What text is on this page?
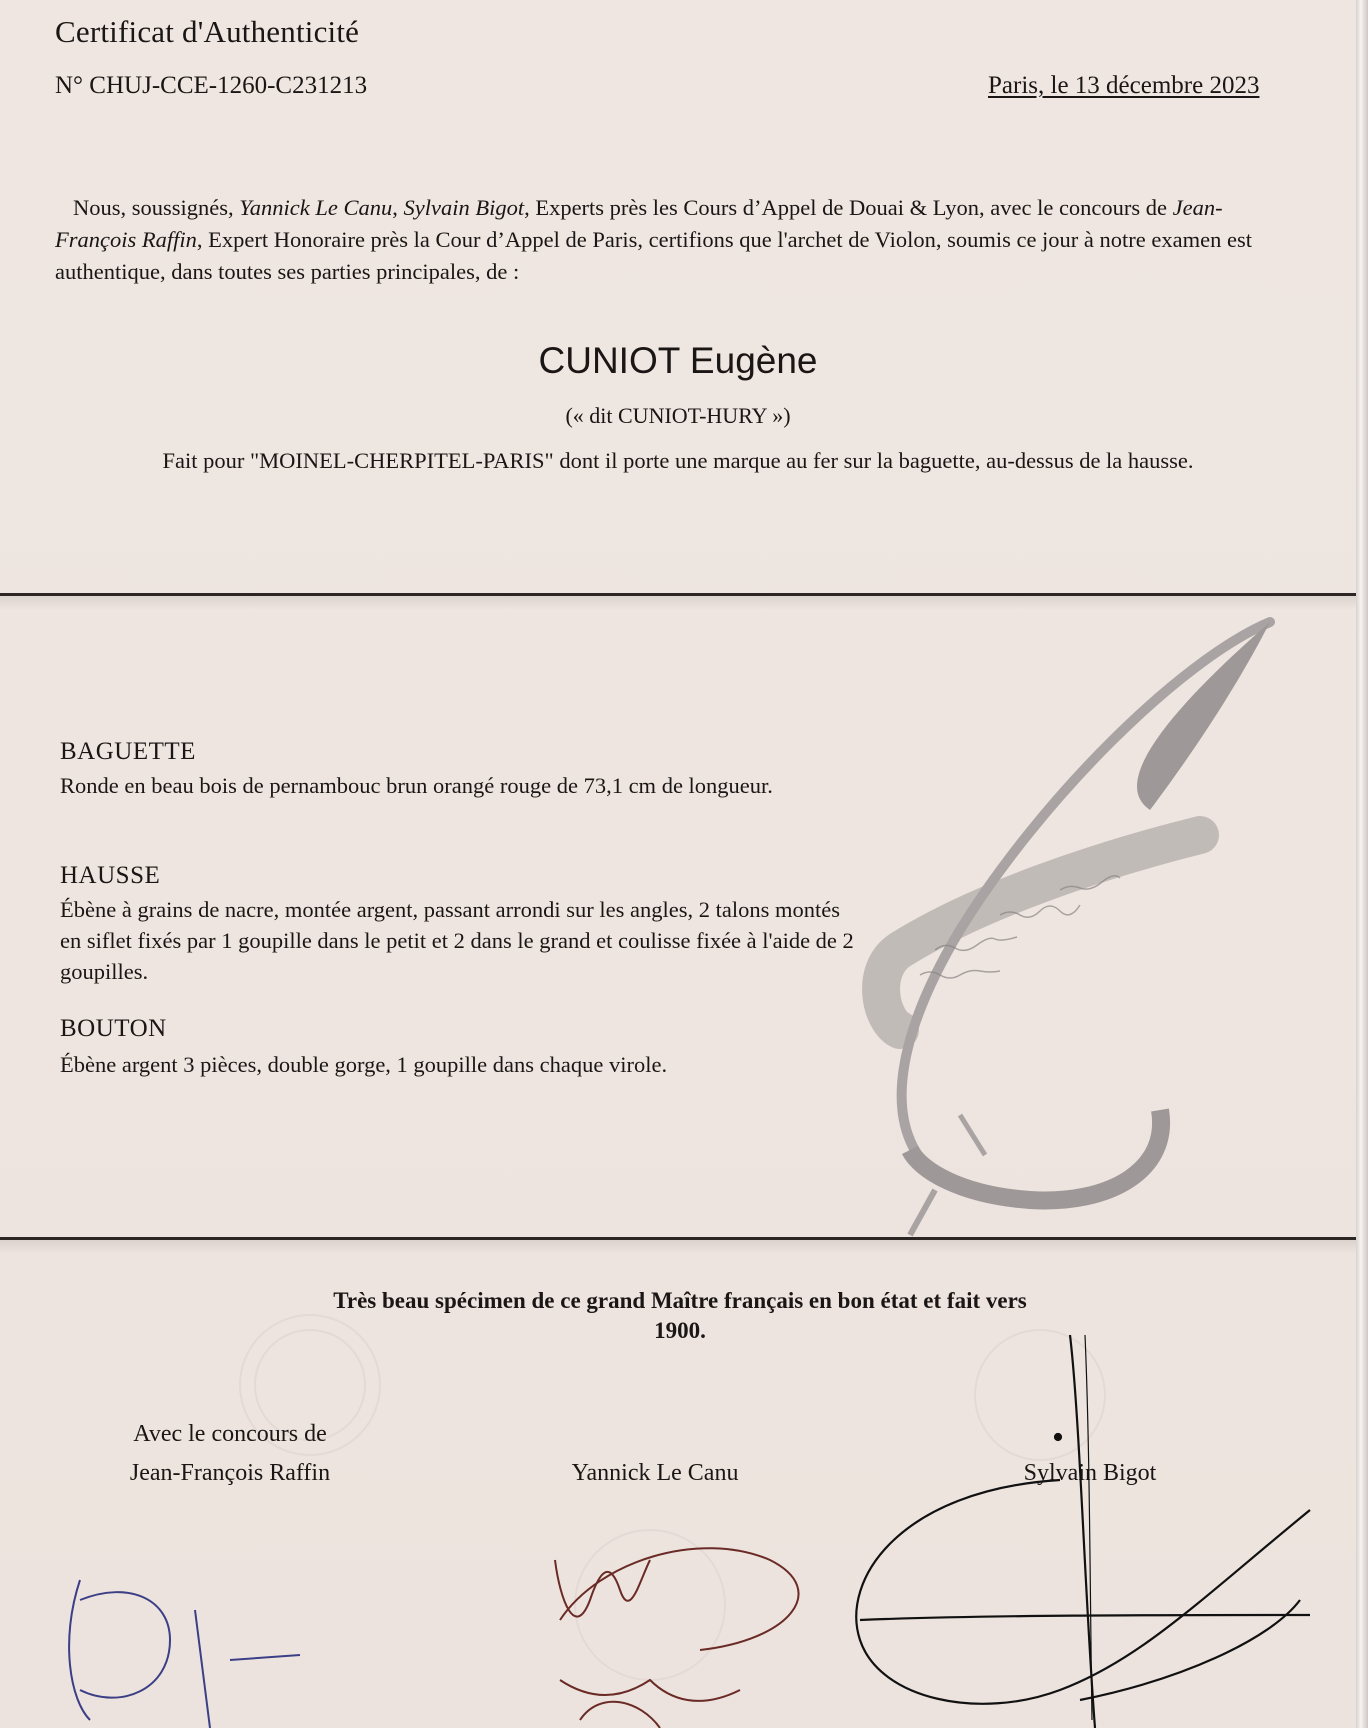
Certificat d'Authenticité
N° CHUJ-CCE-1260-C231213	Paris, le 13 décembre 2023
Nous, soussignés, Yannick Le Canu, Sylvain Bigot, Experts près les Cours d’Appel de Douai & Lyon, avec le concours de Jean-François Raffin, Expert Honoraire près la Cour d’Appel de Paris, certifions que l'archet de Violon, soumis ce jour à notre examen est authentique, dans toutes ses parties principales, de :
CUNIOT Eugène
(« dit CUNIOT-HURY »)
Fait pour "MOINEL-CHERPITEL-PARIS" dont il porte une marque au fer sur la baguette, au-dessus de la hausse.
BAGUETTE
Ronde en beau bois de pernambouc brun orangé rouge de 73,1 cm de longueur.
HAUSSE
Ébène à grains de nacre, montée argent, passant arrondi sur les angles, 2 talons montés en siflet fixés par 1 goupille dans le petit et 2 dans le grand et coulisse fixée à l'aide de 2 goupilles.
BOUTON
Ébène argent 3 pièces, double gorge, 1 goupille dans chaque virole.
Très beau spécimen de ce grand Maître français en bon état et fait vers 1900.
Avec le concours de
Jean-François Raffin	Yannick Le Canu	Sylvain Bigot
